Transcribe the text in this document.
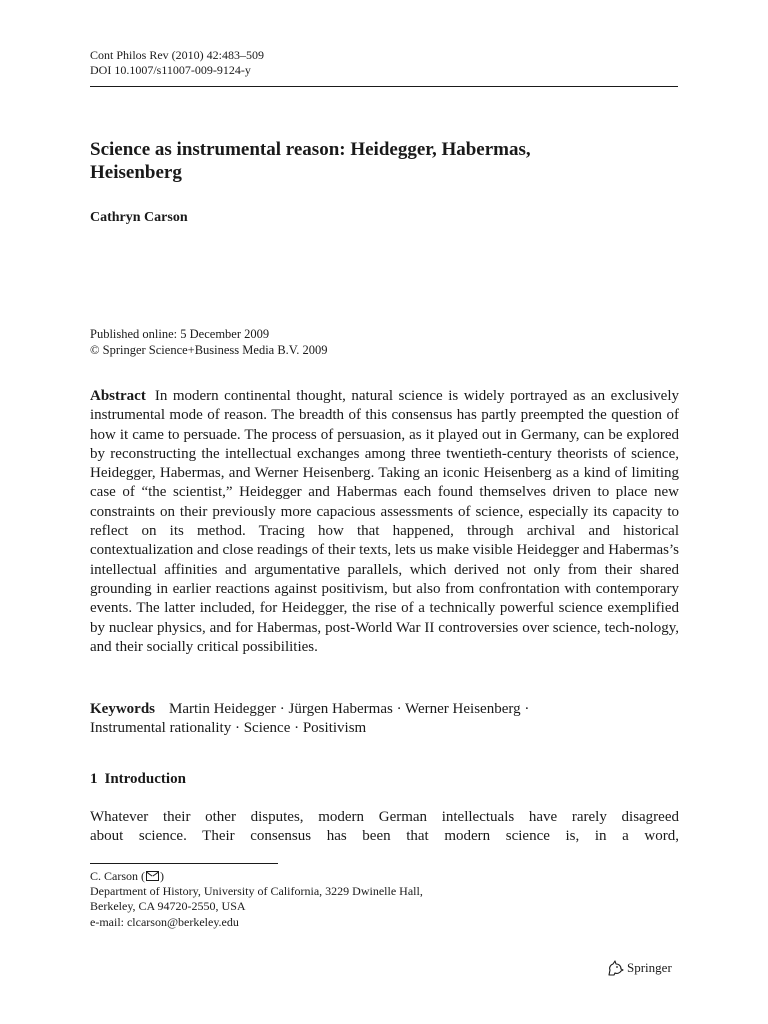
Cont Philos Rev (2010) 42:483–509
DOI 10.1007/s11007-009-9124-y
Science as instrumental reason: Heidegger, Habermas,
Heisenberg
Cathryn Carson
Published online: 5 December 2009
© Springer Science+Business Media B.V. 2009
Abstract In modern continental thought, natural science is widely portrayed as an exclusively instrumental mode of reason. The breadth of this consensus has partly preempted the question of how it came to persuade. The process of persuasion, as it played out in Germany, can be explored by reconstructing the intellectual exchanges among three twentieth-century theorists of science, Heidegger, Habermas, and Werner Heisenberg. Taking an iconic Heisenberg as a kind of limiting case of “the scientist,” Heidegger and Habermas each found themselves driven to place new constraints on their previously more capacious assessments of science, especially its capacity to reflect on its method. Tracing how that happened, through archival and historical contextualization and close readings of their texts, lets us make visible Heidegger and Habermas’s intellectual affinities and argumentative parallels, which derived not only from their shared grounding in earlier reactions against positivism, but also from confrontation with contemporary events. The latter included, for Heidegger, the rise of a technically powerful science exemplified by nuclear physics, and for Habermas, post-World War II controversies over science, tech-nology, and their socially critical possibilities.
Keywords Martin Heidegger · Jürgen Habermas · Werner Heisenberg ·
Instrumental rationality · Science · Positivism
1 Introduction
Whatever their other disputes, modern German intellectuals have rarely disagreed
about science. Their consensus has been that modern science is, in a word,
C. Carson ( )
Department of History, University of California, 3229 Dwinelle Hall,
Berkeley, CA 94720-2550, USA
e-mail: clcarson@berkeley.edu
Springer
